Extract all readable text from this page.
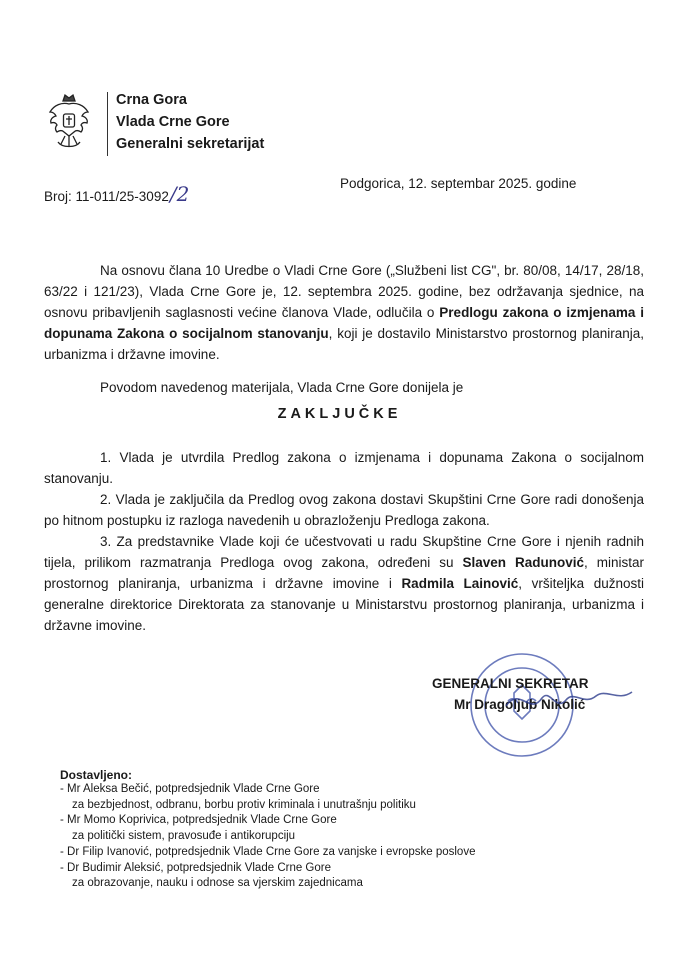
Crna Gora
Vlada Crne Gore
Generalni sekretarijat
Broj: 11-011/25-3092/2	Podgorica, 12. septembar 2025. godine
Na osnovu člana 10 Uredbe o Vladi Crne Gore („Službeni list CG", br. 80/08, 14/17, 28/18, 63/22 i 121/23), Vlada Crne Gore je, 12. septembra 2025. godine, bez održavanja sjednice, na osnovu pribavljenih saglasnosti većine članova Vlade, odlučila o Predlogu zakona o izmjenama i dopunama Zakona o socijalnom stanovanju, koji je dostavilo Ministarstvo prostornog planiranja, urbanizma i državne imovine.
Povodom navedenog materijala, Vlada Crne Gore donijela je
ZAKLJUČKE

1. Vlada je utvrdila Predlog zakona o izmjenama i dopunama Zakona o socijalnom stanovanju.

2. Vlada je zaključila da Predlog ovog zakona dostavi Skupštini Crne Gore radi donošenja po hitnom postupku iz razloga navedenih u obrazloženju Predloga zakona.

3. Za predstavnike Vlade koji će učestvovati u radu Skupštine Crne Gore i njenih radnih tijela, prilikom razmatranja Predloga ovog zakona, određeni su Slaven Radunović, ministar prostornog planiranja, urbanizma i državne imovine i Radmila Lainović, vršiteljka dužnosti generalne direktorice Direktorata za stanovanje u Ministarstvu prostornog planiranja, urbanizma i državne imovine.

GENERALNI SEKRETAR
Mr Dragoljub Nikolić
Dostavljeno:

- Mr Aleksa Bečić, potpredsjednik Vlade Crne Gore
za bezbjednost, odbranu, borbu protiv kriminala i unutrašnju politiku

- Mr Momo Koprivica, potpredsjednik Vlade Crne Gore
za politički sistem, pravosuđe i antikorupciju

- Dr Filip Ivanović, potpredsjednik Vlade Crne Gore za vanjske i evropske poslove

- Dr Budimir Aleksić, potpredsjednik Vlade Crne Gore
za obrazovanje, nauku i odnose sa vjerskim zajednicama
